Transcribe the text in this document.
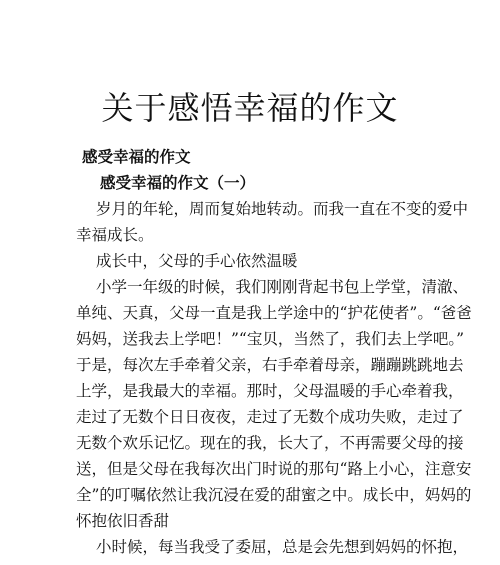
关于感悟幸福的作文

感受幸福的作文

感受幸福的作文（一）

岁月的年轮，周而复始地转动。而我一直在不变的爱中

幸福成长。

成长中，父母的手心依然温暖

小学一年级的时候，我们刚刚背起书包上学堂，清澈、

单纯、天真，父母一直是我上学途中的“护花使者”。“爸爸

妈妈，送我去上学吧！”“宝贝，当然了，我们去上学吧。”

于是，每次左手牵着父亲，右手牵着母亲，蹦蹦跳跳地去

上学，是我最大的幸福。那时，父母温暖的手心牵着我，

走过了无数个日日夜夜，走过了无数个成功失败，走过了

无数个欢乐记忆。现在的我，长大了，不再需要父母的接

送，但是父母在我每次出门时说的那句“路上小心，注意安

全”的叮嘱依然让我沉浸在爱的甜蜜之中。成长中，妈妈的

怀抱依旧香甜

小时候，每当我受了委屈，总是会先想到妈妈的怀抱，
